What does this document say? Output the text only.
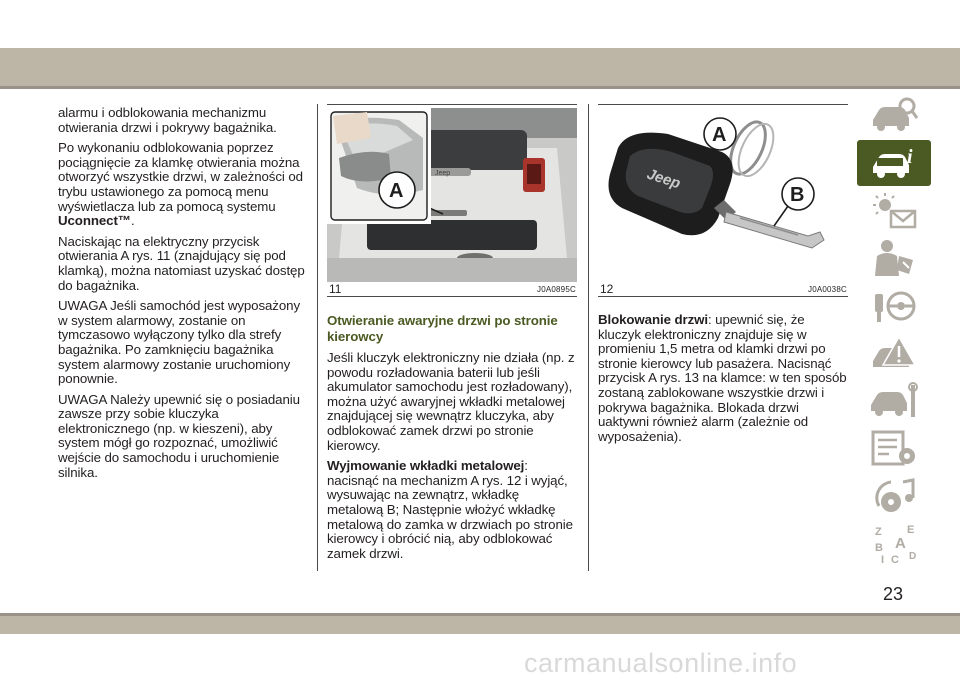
alarmu i odblokowania mechanizmu otwierania drzwi i pokrywy bagażnika.

Po wykonaniu odblokowania poprzez pociągnięcie za klamkę otwierania można otworzyć wszystkie drzwi, w zależności od trybu ustawionego za pomocą menu wyświetlacza lub za pomocą systemu Uconnect™.

Naciskając na elektryczny przycisk otwierania A rys. 11 (znajdujący się pod klamką), można natomiast uzyskać dostęp do bagażnika.

UWAGA Jeśli samochód jest wyposażony w system alarmowy, zostanie on tymczasowo wyłączony tylko dla strefy bagażnika. Po zamknięciu bagażnika system alarmowy zostanie uruchomiony ponownie.

UWAGA Należy upewnić się o posiadaniu zawsze przy sobie kluczyka elektronicznego (np. w kieszeni), aby system mógł go rozpoznać, umożliwić wejście do samochodu i uruchomienie silnika.

Jeep
A
11	J0A0895C
Jeep
A
B
12	J0A0038C

Otwieranie awaryjne drzwi po stronie kierowcy

Jeśli kluczyk elektroniczny nie działa (np. z powodu rozładowania baterii lub jeśli akumulator samochodu jest rozładowany), można użyć awaryjnej wkładki metalowej znajdującej się wewnątrz kluczyka, aby odblokować zamek drzwi po stronie kierowcy.

Wyjmowanie wkładki metalowej: nacisnąć na mechanizm A rys. 12 i wyjąć, wysuwając na zewnątrz, wkładkę metalową B; Następnie włożyć wkładkę metalową do zamka w drzwiach po stronie kierowcy i obrócić nią, aby odblokować zamek drzwi.

Blokowanie drzwi: upewnić się, że kluczyk elektroniczny znajduje się w promieniu 1,5 metra od klamki drzwi po stronie kierowcy lub pasażera. Nacisnąć przycisk A rys. 13 na klamce: w ten sposób zostaną zablokowane wszystkie drzwi i pokrywa bagażnika. Blokada drzwi uaktywni również alarm (zależnie od wyposażenia).

i
Z E
A
B
C D
I
23
carmanualsonline.info
